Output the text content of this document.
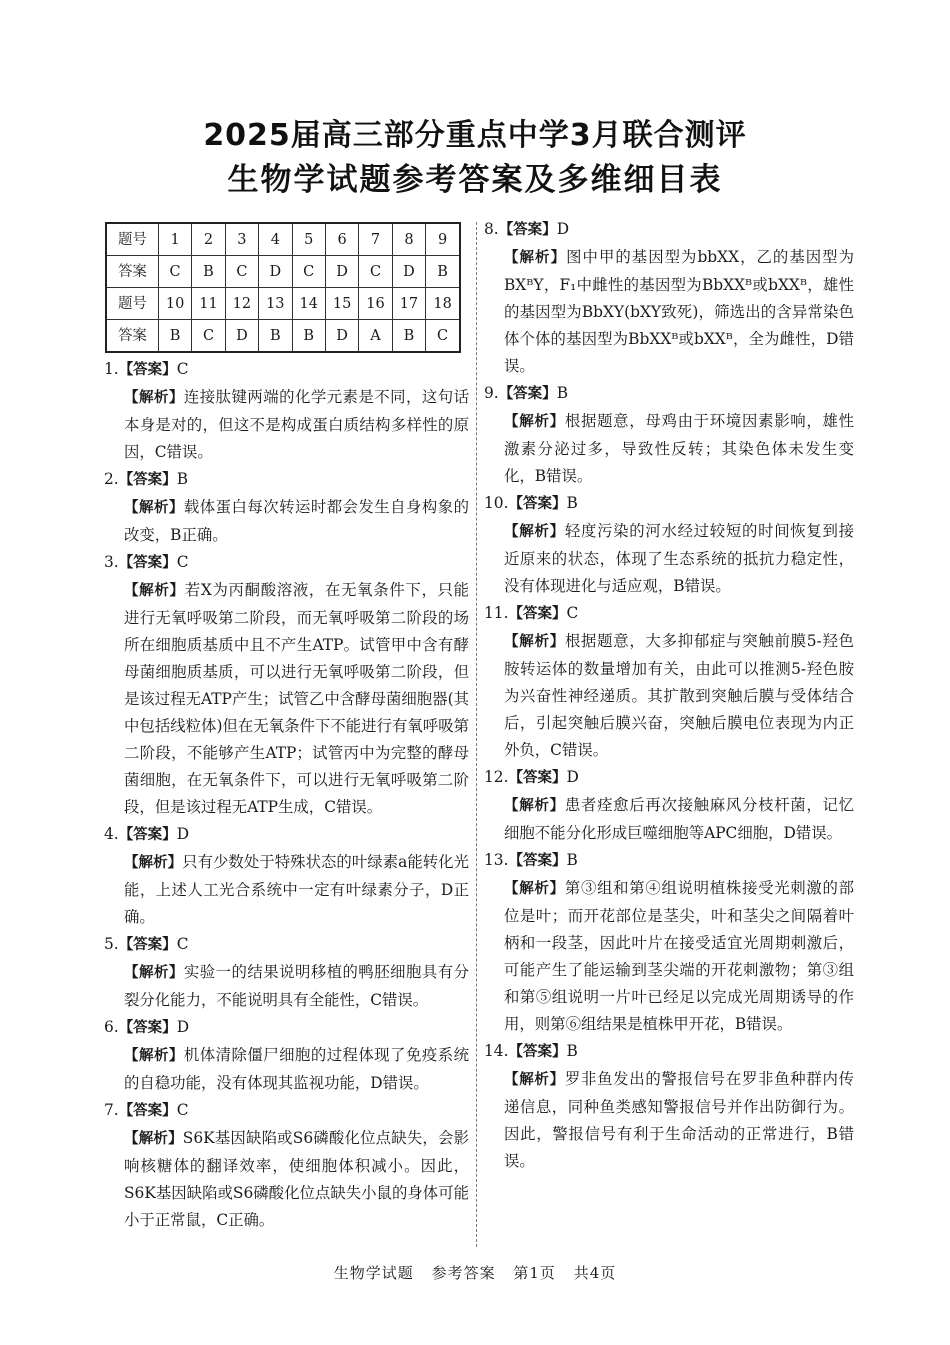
2025届高三部分重点中学3月联合测评
生物学试题参考答案及多维细目表
题号	1	2	3	4	5	6	7	8	9
答案	C	B	C	D	C	D	C	D	B
题号	10	11	12	13	14	15	16	17	18
答案	B	C	D	B	B	D	A	B	C
1.【答案】C
【解析】连接肽键两端的化学元素是不同，这句话本身是对的，但这不是构成蛋白质结构多样性的原因，C错误。
2.【答案】B
【解析】载体蛋白每次转运时都会发生自身构象的改变，B正确。
3.【答案】C
【解析】若X为丙酮酸溶液，在无氧条件下，只能进行无氧呼吸第二阶段，而无氧呼吸第二阶段的场所在细胞质基质中且不产生ATP。试管甲中含有酵母菌细胞质基质，可以进行无氧呼吸第二阶段，但是该过程无ATP产生；试管乙中含酵母菌细胞器(其中包括线粒体)但在无氧条件下不能进行有氧呼吸第二阶段，不能够产生ATP；试管丙中为完整的酵母菌细胞，在无氧条件下，可以进行无氧呼吸第二阶段，但是该过程无ATP生成，C错误。
4.【答案】D
【解析】只有少数处于特殊状态的叶绿素a能转化光能，上述人工光合系统中一定有叶绿素分子，D正确。
5.【答案】C
【解析】实验一的结果说明移植的鸭胚细胞具有分裂分化能力，不能说明具有全能性，C错误。
6.【答案】D
【解析】机体清除僵尸细胞的过程体现了免疫系统的自稳功能，没有体现其监视功能，D错误。
7.【答案】C
【解析】S6K基因缺陷或S6磷酸化位点缺失，会影响核糖体的翻译效率，使细胞体积减小。因此，S6K基因缺陷或S6磷酸化位点缺失小鼠的身体可能小于正常鼠，C正确。
8.【答案】D
【解析】图中甲的基因型为bbXX，乙的基因型为BXᴮY，F₁中雌性的基因型为BbXXᴮ或bXXᴮ，雄性的基因型为BbXY(bXY致死)，筛选出的含异常染色体个体的基因型为BbXXᴮ或bXXᴮ，全为雌性，D错误。
9.【答案】B
【解析】根据题意，母鸡由于环境因素影响，雄性激素分泌过多，导致性反转；其染色体未发生变化，B错误。
10.【答案】B
【解析】轻度污染的河水经过较短的时间恢复到接近原来的状态，体现了生态系统的抵抗力稳定性，没有体现进化与适应观，B错误。
11.【答案】C
【解析】根据题意，大多抑郁症与突触前膜5-羟色胺转运体的数量增加有关，由此可以推测5-羟色胺为兴奋性神经递质。其扩散到突触后膜与受体结合后，引起突触后膜兴奋，突触后膜电位表现为内正外负，C错误。
12.【答案】D
【解析】患者痊愈后再次接触麻风分枝杆菌，记忆细胞不能分化形成巨噬细胞等APC细胞，D错误。
13.【答案】B
【解析】第③组和第④组说明植株接受光刺激的部位是叶；而开花部位是茎尖，叶和茎尖之间隔着叶柄和一段茎，因此叶片在接受适宜光周期刺激后，可能产生了能运输到茎尖端的开花刺激物；第③组和第⑤组说明一片叶已经足以完成光周期诱导的作用，则第⑥组结果是植株甲开花，B错误。
14.【答案】B
【解析】罗非鱼发出的警报信号在罗非鱼种群内传递信息，同种鱼类感知警报信号并作出防御行为。因此，警报信号有利于生命活动的正常进行，B错误。
生物学试题 参考答案 第1页 共4页
